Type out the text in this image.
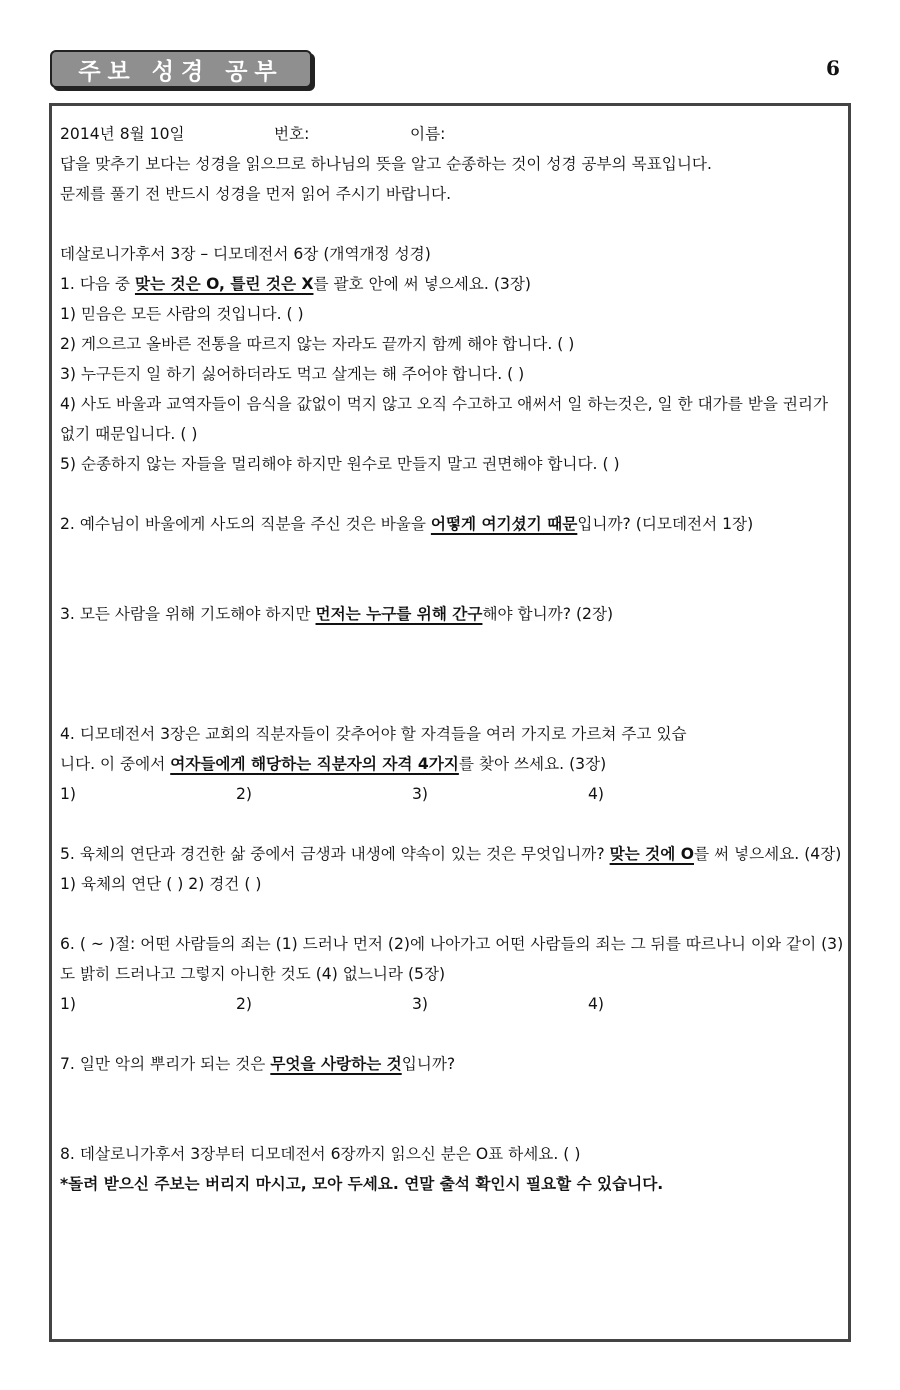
주보 성경 공부	6
2014년 8월 10일	번호:	이름:
답을 맞추기 보다는 성경을 읽으므로 하나님의 뜻을 알고 순종하는 것이 성경 공부의 목표입니다.
문제를 풀기 전 반드시 성경을 먼저 읽어 주시기 바랍니다.
데살로니가후서 3장 – 디모데전서 6장 (개역개정 성경)
1. 다음 중 맞는 것은 O, 틀린 것은 X를 괄호 안에 써 넣으세요. (3장)
1) 믿음은 모든 사람의 것입니다. ( )
2) 게으르고 올바른 전통을 따르지 않는 자라도 끝까지 함께 해야 합니다. ( )
3) 누구든지 일 하기 싫어하더라도 먹고 살게는 해 주어야 합니다. ( )
4) 사도 바울과 교역자들이 음식을 값없이 먹지 않고 오직 수고하고 애써서 일 하는것은, 일 한 대가를 받을 권리가 없기 때문입니다. ( )
5) 순종하지 않는 자들을 멀리해야 하지만 원수로 만들지 말고 권면해야 합니다. ( )
2. 예수님이 바울에게 사도의 직분을 주신 것은 바울을 어떻게 여기셨기 때문입니까? (디모데전서 1장)
3. 모든 사람을 위해 기도해야 하지만 먼저는 누구를 위해 간구해야 합니까? (2장)
4. 디모데전서 3장은 교회의 직분자들이 갖추어야 할 자격들을 여러 가지로 가르쳐 주고 있습
니다. 이 중에서 여자들에게 해당하는 직분자의 자격 4가지를 찾아 쓰세요. (3장)
1)	2)	3)	4)
5. 육체의 연단과 경건한 삶 중에서 금생과 내생에 약속이 있는 것은 무엇입니까? 맞는 것에 O를 써 넣으세요. (4장)
1) 육체의 연단 ( ) 2) 경건 ( )
6. ( ~ )절: 어떤 사람들의 죄는 (1) 드러나 먼저 (2)에 나아가고 어떤 사람들의 죄는 그 뒤를 따르나니 이와 같이 (3)도 밝히 드러나고 그렇지 아니한 것도 (4) 없느니라 (5장)
1)	2)	3)	4)
7. 일만 악의 뿌리가 되는 것은 무엇을 사랑하는 것입니까?
8. 데살로니가후서 3장부터 디모데전서 6장까지 읽으신 분은 O표 하세요. ( )
*돌려 받으신 주보는 버리지 마시고, 모아 두세요. 연말 출석 확인시 필요할 수 있습니다.
